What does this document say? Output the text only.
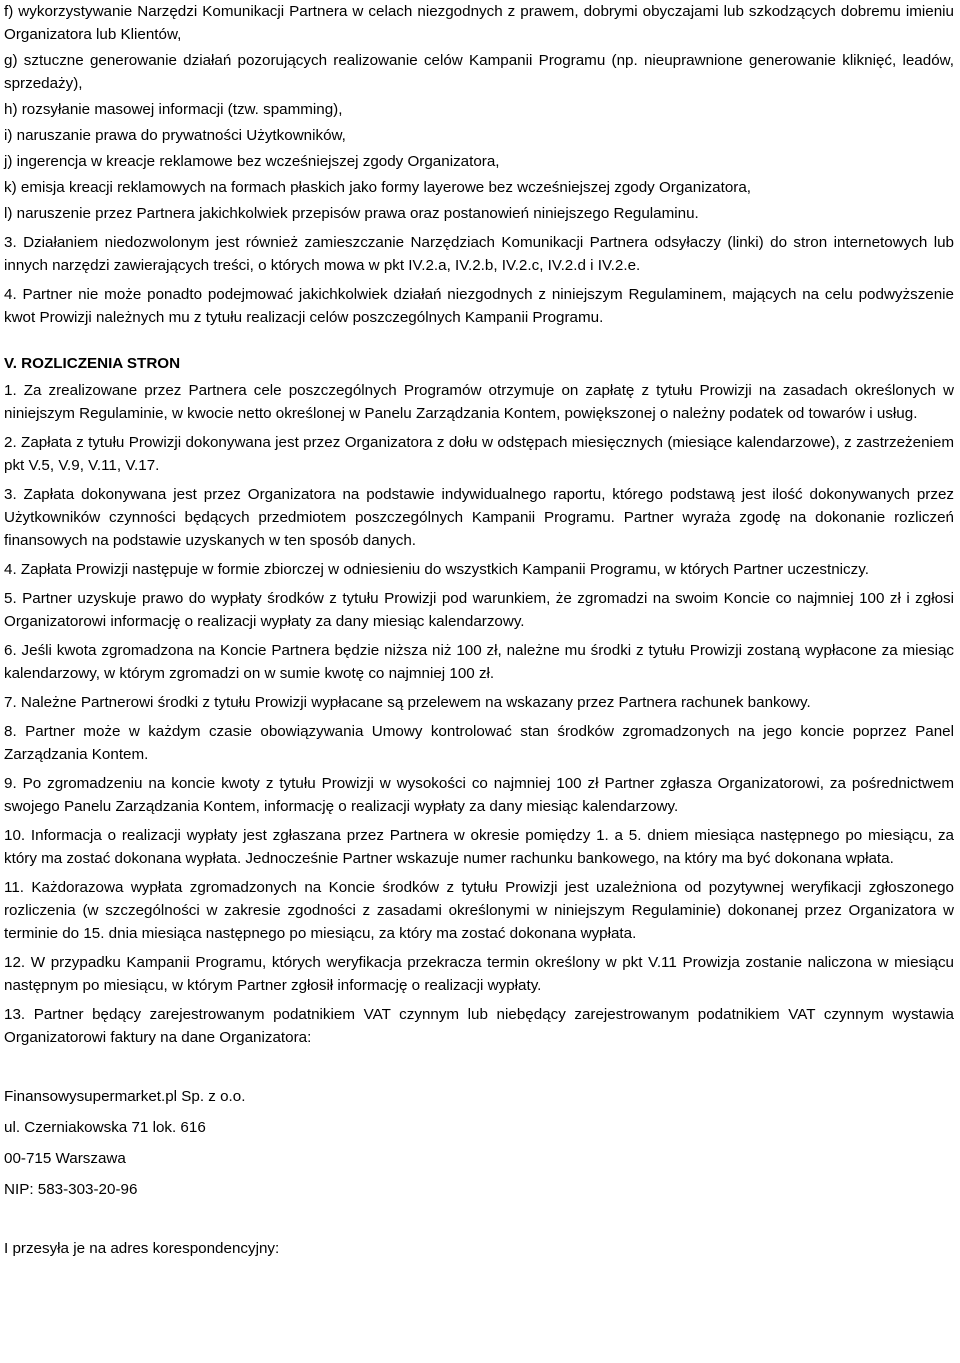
f) wykorzystywanie Narzędzi Komunikacji Partnera w celach niezgodnych z prawem, dobrymi obyczajami lub szkodzących dobremu imieniu Organizatora lub Klientów,

g) sztuczne generowanie działań pozorujących realizowanie celów Kampanii Programu (np. nieuprawnione generowanie kliknięć, leadów, sprzedaży),

h) rozsyłanie masowej informacji (tzw. spamming),

i) naruszanie prawa do prywatności Użytkowników,

j) ingerencja w kreacje reklamowe bez wcześniejszej zgody Organizatora,

k) emisja kreacji reklamowych na formach płaskich jako formy layerowe bez wcześniejszej zgody Organizatora,

l) naruszenie przez Partnera jakichkolwiek przepisów prawa oraz postanowień niniejszego Regulaminu.

3. Działaniem niedozwolonym jest również zamieszczanie Narzędziach Komunikacji Partnera odsyłaczy (linki) do stron internetowych lub innych narzędzi zawierających treści, o których mowa w pkt IV.2.a, IV.2.b, IV.2.c, IV.2.d i IV.2.e.

4. Partner nie może ponadto podejmować jakichkolwiek działań niezgodnych z niniejszym Regulaminem, mających na celu podwyższenie kwot Prowizji należnych mu z tytułu realizacji celów poszczególnych Kampanii Programu.

V. ROZLICZENIA STRON

1. Za zrealizowane przez Partnera cele poszczególnych Programów otrzymuje on zapłatę z tytułu Prowizji na zasadach określonych w niniejszym Regulaminie, w kwocie netto określonej w Panelu Zarządzania Kontem, powiększonej o należny podatek od towarów i usług.

2. Zapłata z tytułu Prowizji dokonywana jest przez Organizatora z dołu w odstępach miesięcznych (miesiące kalendarzowe), z zastrzeżeniem pkt V.5, V.9, V.11, V.17.

3. Zapłata dokonywana jest przez Organizatora na podstawie indywidualnego raportu, którego podstawą jest ilość dokonywanych przez Użytkowników czynności będących przedmiotem poszczególnych Kampanii Programu. Partner wyraża zgodę na dokonanie rozliczeń finansowych na podstawie uzyskanych w ten sposób danych.

4. Zapłata Prowizji następuje w formie zbiorczej w odniesieniu do wszystkich Kampanii Programu, w których Partner uczestniczy.

5. Partner uzyskuje prawo do wypłaty środków z tytułu Prowizji pod warunkiem, że zgromadzi na swoim Koncie co najmniej 100 zł i zgłosi Organizatorowi informację o realizacji wypłaty za dany miesiąc kalendarzowy.

6. Jeśli kwota zgromadzona na Koncie Partnera będzie niższa niż 100 zł, należne mu środki z tytułu Prowizji zostaną wypłacone za miesiąc kalendarzowy, w którym zgromadzi on w sumie kwotę co najmniej 100 zł.

7. Należne Partnerowi środki z tytułu Prowizji wypłacane są przelewem na wskazany przez Partnera rachunek bankowy.

8. Partner może w każdym czasie obowiązywania Umowy kontrolować stan środków zgromadzonych na jego koncie poprzez Panel Zarządzania Kontem.

9. Po zgromadzeniu na koncie kwoty z tytułu Prowizji w wysokości co najmniej 100 zł Partner zgłasza Organizatorowi, za pośrednictwem swojego Panelu Zarządzania Kontem, informację o realizacji wypłaty za dany miesiąc kalendarzowy.

10. Informacja o realizacji wypłaty jest zgłaszana przez Partnera w okresie pomiędzy 1. a 5. dniem miesiąca następnego po miesiącu, za który ma zostać dokonana wypłata. Jednocześnie Partner wskazuje numer rachunku bankowego, na który ma być dokonana wpłata.

11. Każdorazowa wypłata zgromadzonych na Koncie środków z tytułu Prowizji jest uzależniona od pozytywnej weryfikacji zgłoszonego rozliczenia (w szczególności w zakresie zgodności z zasadami określonymi w niniejszym Regulaminie) dokonanej przez Organizatora w terminie do 15. dnia miesiąca następnego po miesiącu, za który ma zostać dokonana wypłata.

12. W przypadku Kampanii Programu, których weryfikacja przekracza termin określony w pkt V.11 Prowizja zostanie naliczona w miesiącu następnym po miesiącu, w którym Partner zgłosił informację o realizacji wypłaty.

13. Partner będący zarejestrowanym podatnikiem VAT czynnym lub niebędący zarejestrowanym podatnikiem VAT czynnym wystawia Organizatorowi faktury na dane Organizatora:

Finansowysupermarket.pl Sp. z o.o.

ul. Czerniakowska 71 lok. 616

00-715 Warszawa

NIP: 583-303-20-96

I przesyła je na adres korespondencyjny:
